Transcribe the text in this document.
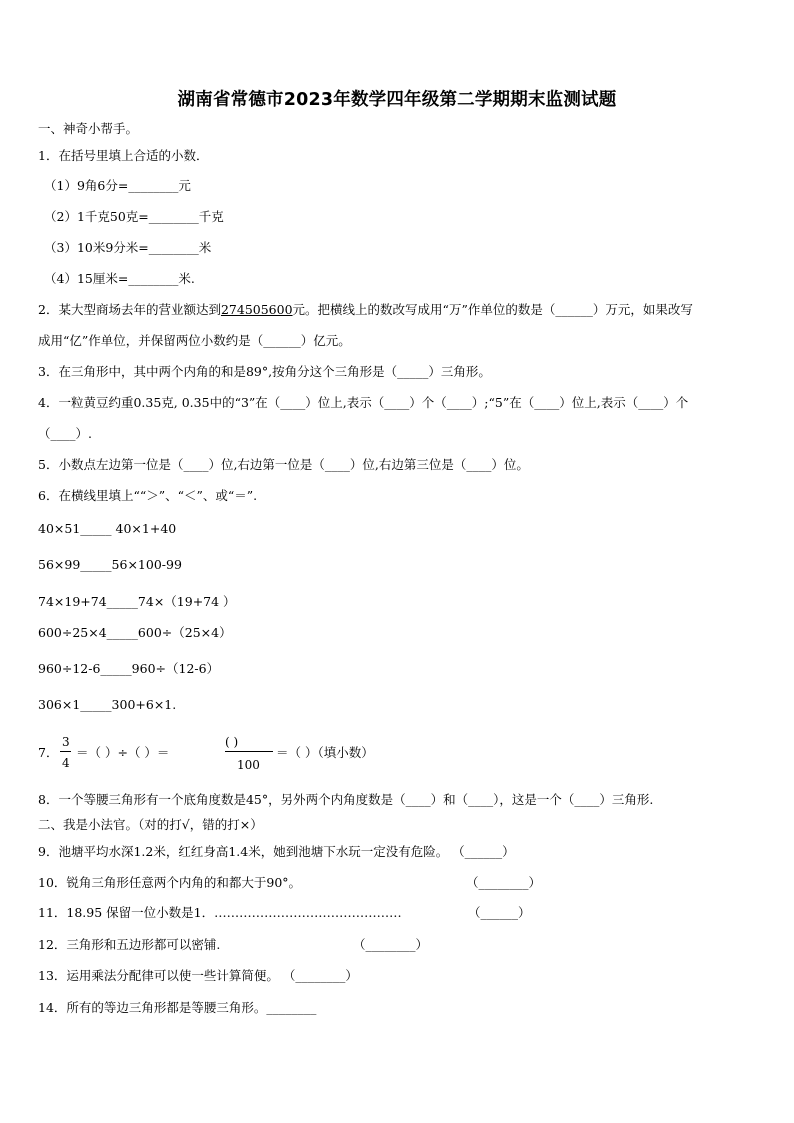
湖南省常德市2023年数学四年级第二学期期末监测试题
一、神奇小帮手。
1．在括号里填上合适的小数．
（1）9角6分=________元
（2）1千克50克=________千克
（3）10米9分米=________米
（4）15厘米=________米.
2．某大型商场去年的营业额达到274505600元。把横线上的数改写成用“万”作单位的数是（______）万元，如果改写
成用“亿”作单位，并保留两位小数约是（______）亿元。
3．在三角形中，其中两个内角的和是89°,按角分这个三角形是（_____）三角形。
4．一粒黄豆约重0.35克, 0.35中的“3”在（____）位上,表示（____）个（____）;“5”在（____）位上,表示（____）个
（____）.
5．小数点左边第一位是（____）位,右边第一位是（____）位,右边第三位是（____）位。
6．在横线里填上““＞”、“＜”、或“＝”.
40×51_____ 40×1+40
56×99_____56×100-99
74×19+74_____74×（19+74 ）
600÷25×4_____600÷（25×4）
960÷12-6_____960÷（12-6）
306×1_____300+6×1.
7．
3
4
＝（ ）÷（ ）＝
( )
100
＝（ ）（填小数）
8．一个等腰三角形有一个底角度数是45°，另外两个内角度数是（____）和（____），这是一个（____）三角形.
二、我是小法官。（对的打√，错的打×）
9．池塘平均水深1.2米，红红身高1.4米，她到池塘下水玩一定没有危险。 （______）
10．锐角三角形任意两个内角的和都大于90°。	（________）
11．18.95 保留一位小数是1．………………………………………	（______）
12．三角形和五边形都可以密铺.	（________）
13．运用乘法分配律可以使一些计算简便。 （________）
14．所有的等边三角形都是等腰三角形。________
